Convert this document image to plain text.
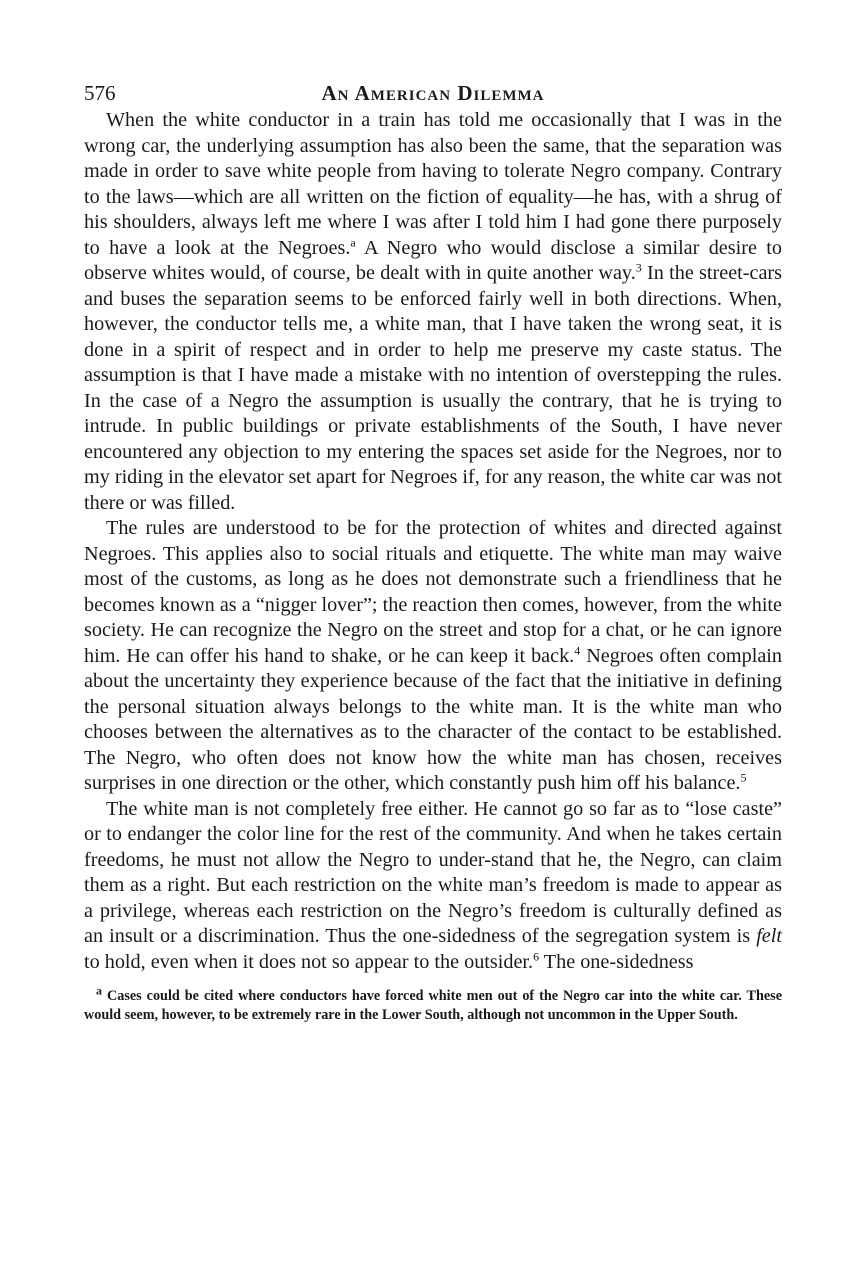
576	An American Dilemma

When the white conductor in a train has told me occasionally that I was in the wrong car, the underlying assumption has also been the same, that the separation was made in order to save white people from having to tolerate Negro company. Contrary to the laws—which are all written on the fiction of equality—he has, with a shrug of his shoulders, always left me where I was after I told him I had gone there purposely to have a look at the Negroes.$^a$ A Negro who would disclose a similar desire to observe whites would, of course, be dealt with in quite another way.$^3$ In the street-cars and buses the separation seems to be enforced fairly well in both directions. When, however, the conductor tells me, a white man, that I have taken the wrong seat, it is done in a spirit of respect and in order to help me preserve my caste status. The assumption is that I have made a mistake with no intention of overstepping the rules. In the case of a Negro the assumption is usually the contrary, that he is trying to intrude. In public buildings or private establishments of the South, I have never encountered any objection to my entering the spaces set aside for the Negroes, nor to my riding in the elevator set apart for Negroes if, for any reason, the white car was not there or was filled.

The rules are understood to be for the protection of whites and directed against Negroes. This applies also to social rituals and etiquette. The white man may waive most of the customs, as long as he does not demonstrate such a friendliness that he becomes known as a “nigger lover”; the reaction then comes, however, from the white society. He can recognize the Negro on the street and stop for a chat, or he can ignore him. He can offer his hand to shake, or he can keep it back.$^4$ Negroes often complain about the uncertainty they experience because of the fact that the initiative in defining the personal situation always belongs to the white man. It is the white man who chooses between the alternatives as to the character of the contact to be established. The Negro, who often does not know how the white man has chosen, receives surprises in one direction or the other, which constantly push him off his balance.$^5$

The white man is not completely free either. He cannot go so far as to “lose caste” or to endanger the color line for the rest of the community. And when he takes certain freedoms, he must not allow the Negro to under-stand that he, the Negro, can claim them as a right. But each restriction on the white man’s freedom is made to appear as a privilege, whereas each restriction on the Negro’s freedom is culturally defined as an insult or a discrimination. Thus the one-sidedness of the segregation system is felt to hold, even when it does not so appear to the outsider.$^6$ The one-sidedness

$^a$ Cases could be cited where conductors have forced white men out of the Negro car into the white car. These would seem, however, to be extremely rare in the Lower South, although not uncommon in the Upper South.
